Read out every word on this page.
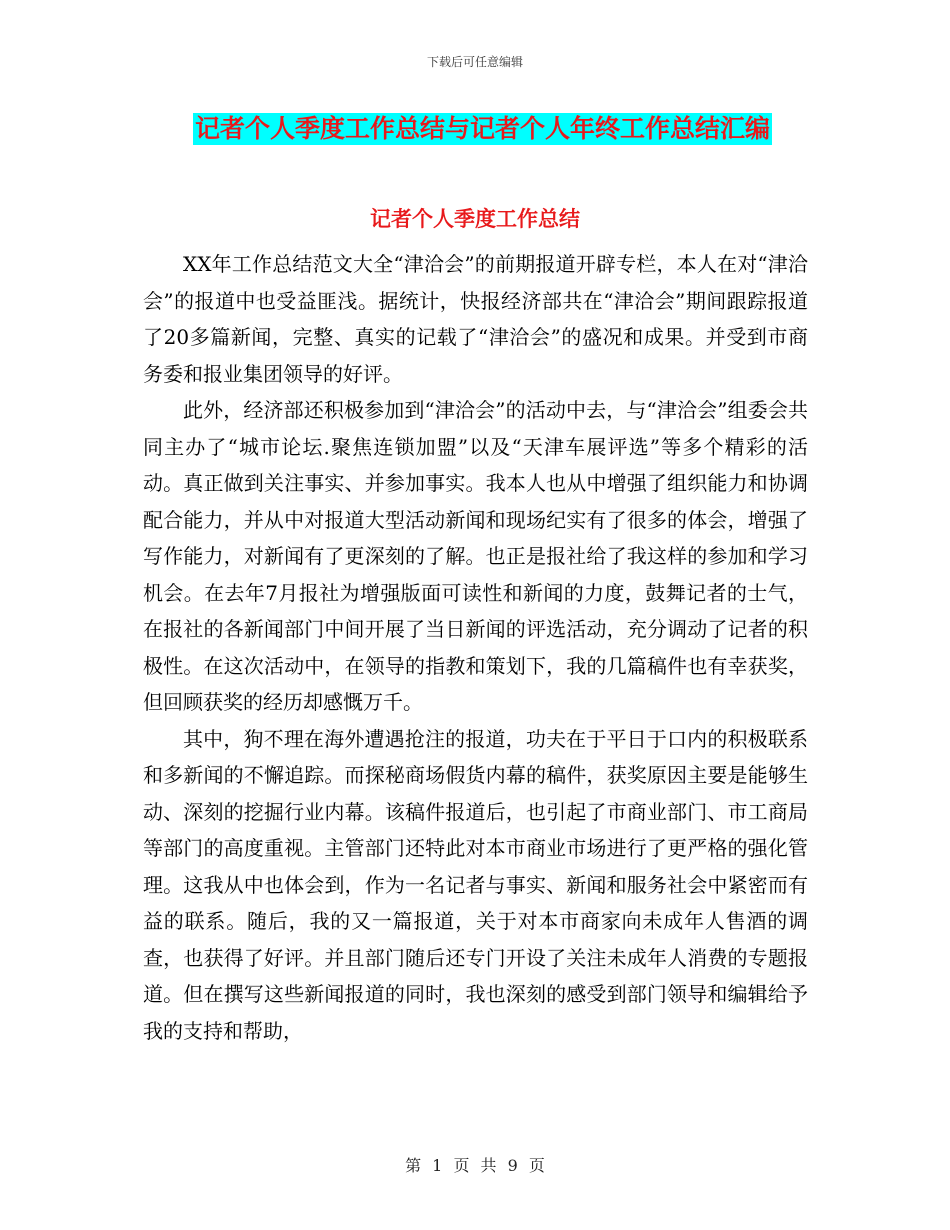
下载后可任意编辑
记者个人季度工作总结与记者个人年终工作总结汇编
记者个人季度工作总结

XX年工作总结范文大全“津洽会”的前期报道开辟专栏，本人在对“津洽会”的报道中也受益匪浅。据统计，快报经济部共在“津洽会”期间跟踪报道了20多篇新闻，完整、真实的记载了“津洽会”的盛况和成果。并受到市商务委和报业集团领导的好评。

此外，经济部还积极参加到“津洽会”的活动中去，与“津洽会”组委会共同主办了“城市论坛.聚焦连锁加盟”以及“天津车展评选”等多个精彩的活动。真正做到关注事实、并参加事实。我本人也从中增强了组织能力和协调配合能力，并从中对报道大型活动新闻和现场纪实有了很多的体会，增强了写作能力，对新闻有了更深刻的了解。也正是报社给了我这样的参加和学习机会。在去年7月报社为增强版面可读性和新闻的力度，鼓舞记者的士气，在报社的各新闻部门中间开展了当日新闻的评选活动，充分调动了记者的积极性。在这次活动中，在领导的指教和策划下，我的几篇稿件也有幸获奖，但回顾获奖的经历却感慨万千。

其中，狗不理在海外遭遇抢注的报道，功夫在于平日于口内的积极联系和多新闻的不懈追踪。而探秘商场假货内幕的稿件，获奖原因主要是能够生动、深刻的挖掘行业内幕。该稿件报道后，也引起了市商业部门、市工商局等部门的高度重视。主管部门还特此对本市商业市场进行了更严格的强化管理。这我从中也体会到，作为一名记者与事实、新闻和服务社会中紧密而有益的联系。随后，我的又一篇报道，关于对本市商家向未成年人售酒的调查，也获得了好评。并且部门随后还专门开设了关注未成年人消费的专题报道。但在撰写这些新闻报道的同时，我也深刻的感受到部门领导和编辑给予我的支持和帮助，

第 1 页 共 9 页
